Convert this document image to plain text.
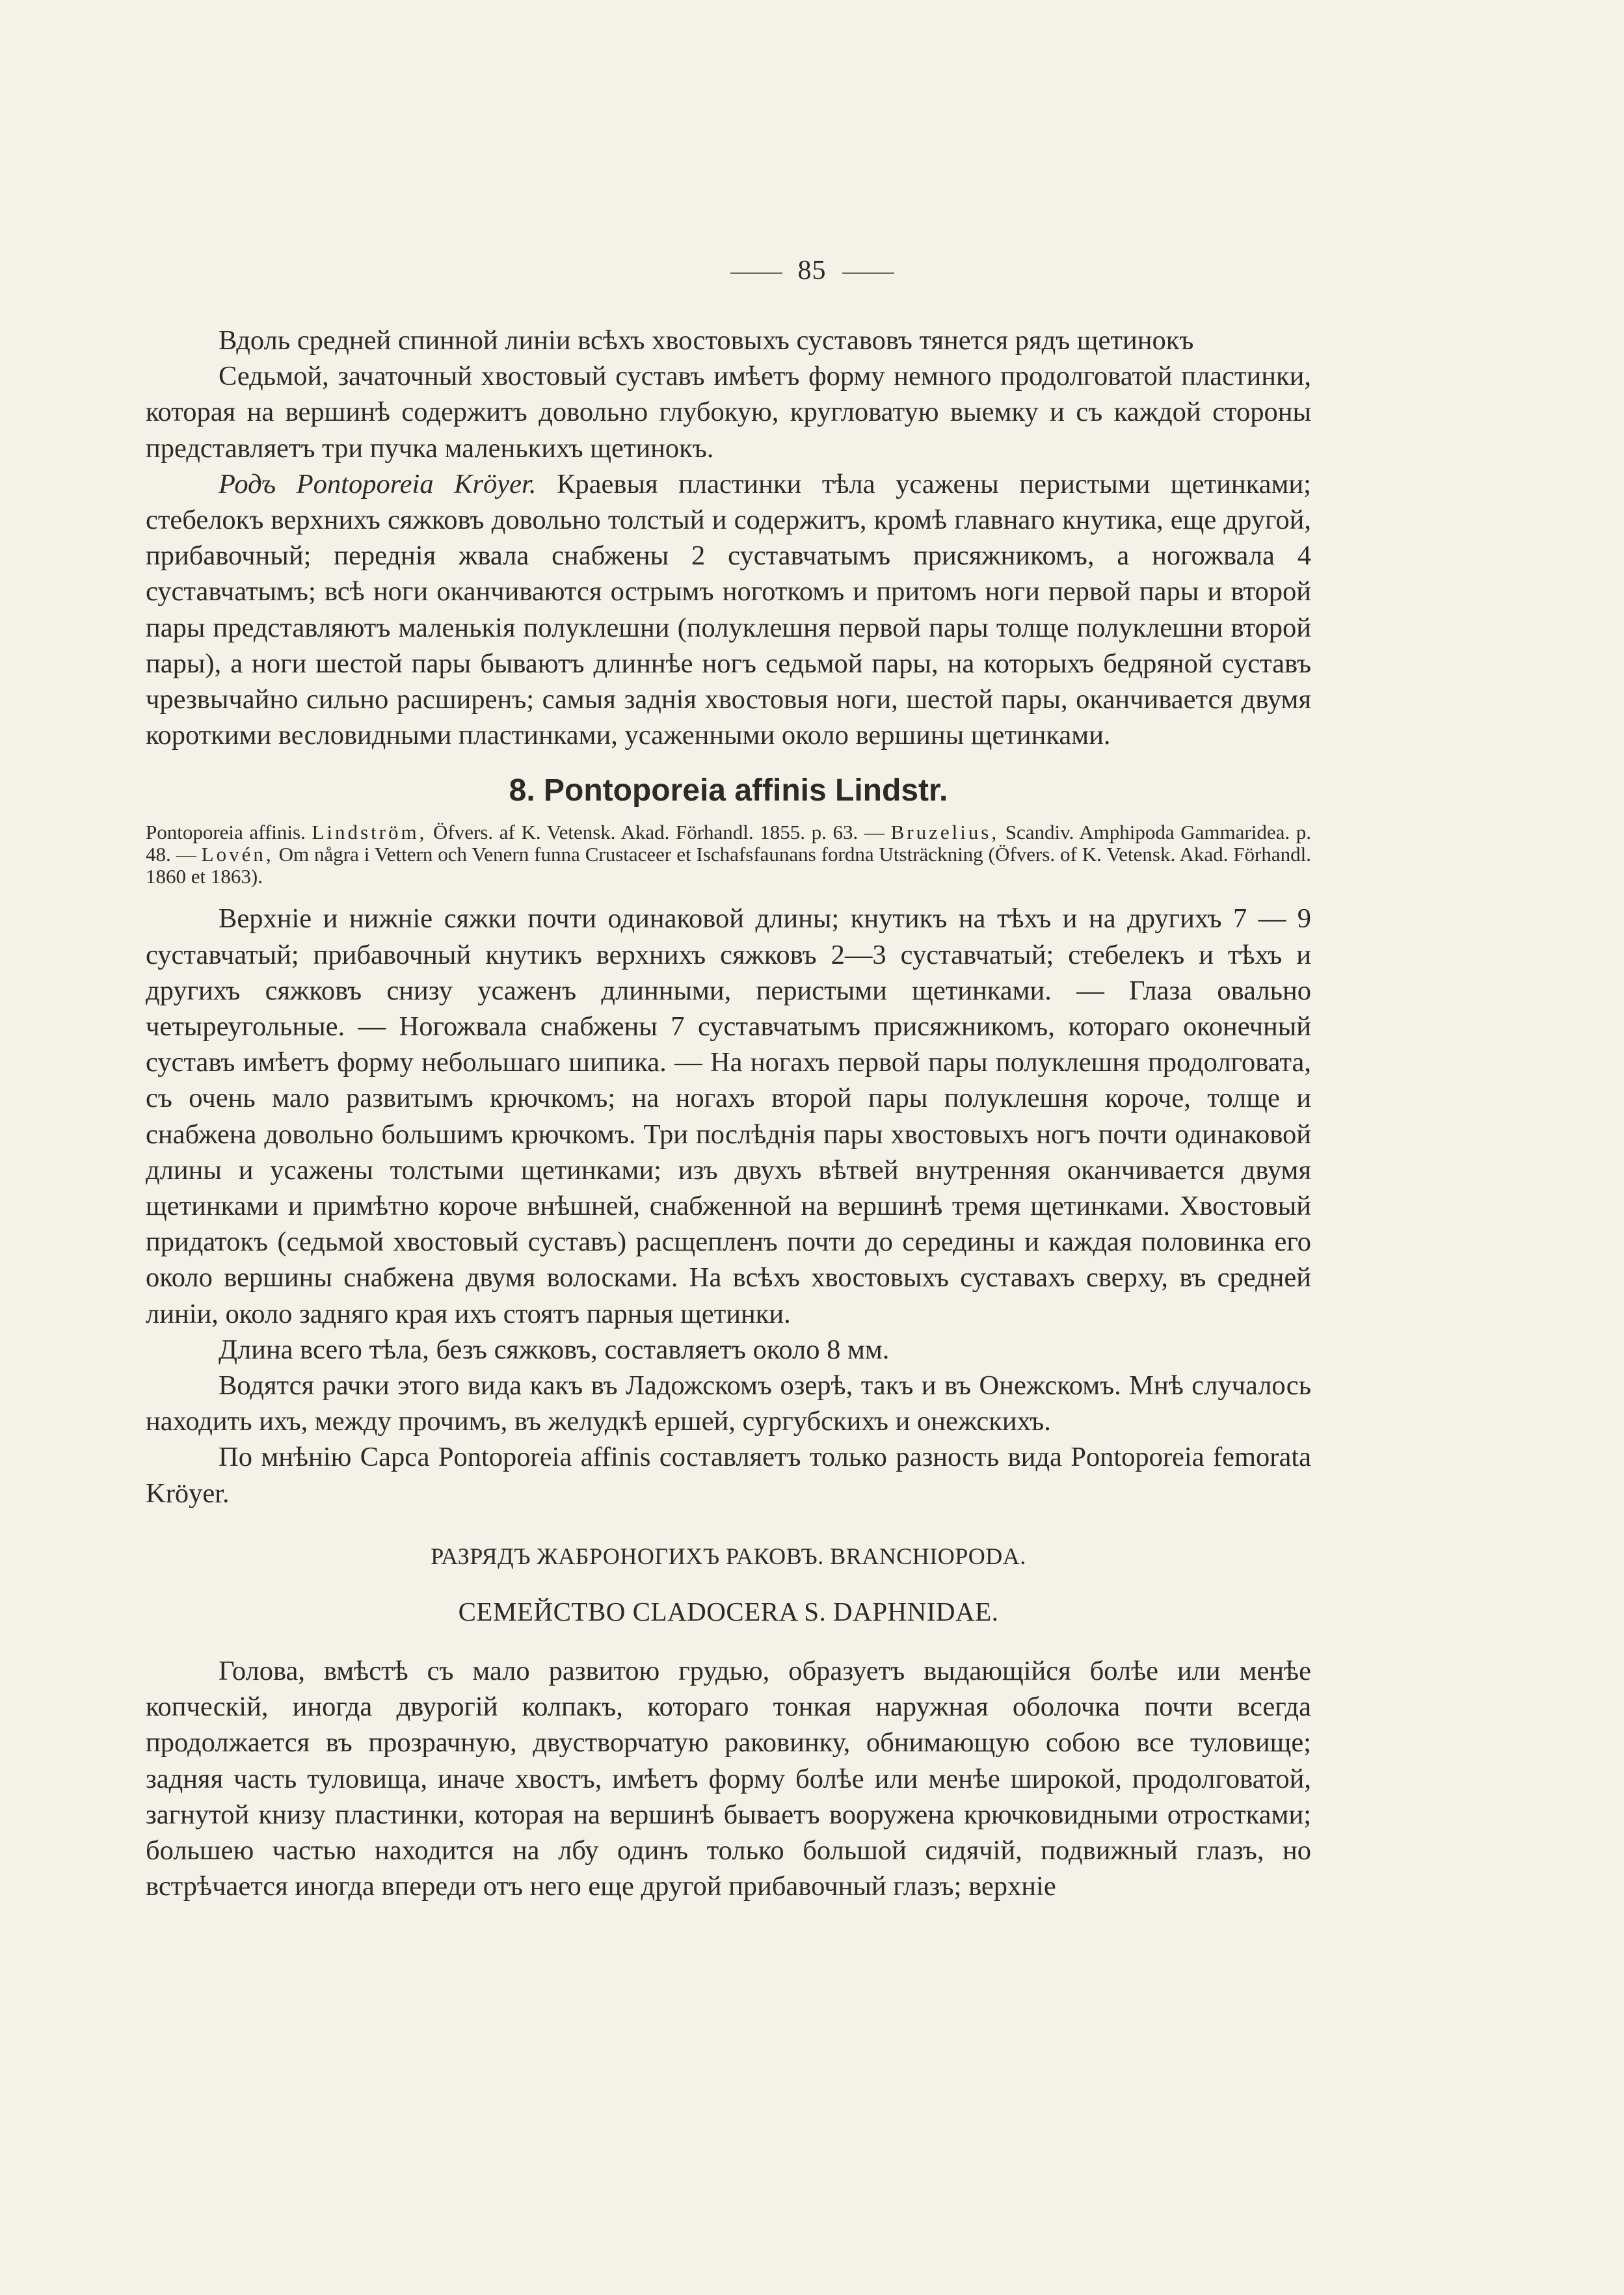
85

Вдоль средней спинной линіи всѣхъ хвостовыхъ суставовъ тянется рядъ щетинокъ

Седьмой, зачаточный хвостовый суставъ имѣетъ форму немного продолговатой пластинки, которая на вершинѣ содержитъ довольно глубокую, кругловатую выемку и съ каждой стороны представляетъ три пучка маленькихъ щетинокъ.

Родъ Pontoporeia Kröyer. Краевыя пластинки тѣла усажены перистыми щетинками; стебелокъ верхнихъ сяжковъ довольно толстый и содержитъ, кромѣ главнаго кнутика, еще другой, прибавочный; переднія жвала снабжены 2 суставчатымъ присяжникомъ, а ногожвала 4 суставчатымъ; всѣ ноги оканчиваются острымъ ноготкомъ и притомъ ноги первой пары и второй пары представляютъ маленькія полуклешни (полуклешня первой пары толще полуклешни второй пары), а ноги шестой пары бываютъ длиннѣе ногъ седьмой пары, на которыхъ бедряной суставъ чрезвычайно сильно расширенъ; самыя заднія хвостовыя ноги, шестой пары, оканчивается двумя короткими весловидными пластинками, усаженными около вершины щетинками.

8. Pontoporeia affinis Lindstr.

Pontoporeia affinis. Lindström, Öfvers. af K. Vetensk. Akad. Förhandl. 1855. p. 63. — Bruzelius, Scandiv. Amphipoda Gammaridea. p. 48. — Lovén, Om några i Vettern och Venern funna Crustaceer et Ischafsfaunans fordna Utsträckning (Öfvers. of K. Vetensk. Akad. Förhandl. 1860 et 1863).

Верхніе и нижніе сяжки почти одинаковой длины; кнутикъ на тѣхъ и на другихъ 7 — 9 суставчатый; прибавочный кнутикъ верхнихъ сяжковъ 2—3 суставчатый; стебелекъ и тѣхъ и другихъ сяжковъ снизу усаженъ длинными, перистыми щетинками. — Глаза овально четыреугольные. — Ногожвала снабжены 7 суставчатымъ присяжникомъ, котораго оконечный суставъ имѣетъ форму небольшаго шипика. — На ногахъ первой пары полуклешня продолговата, съ очень мало развитымъ крючкомъ; на ногахъ второй пары полуклешня короче, толще и снабжена довольно большимъ крючкомъ. Три послѣднія пары хвостовыхъ ногъ почти одинаковой длины и усажены толстыми щетинками; изъ двухъ вѣтвей внутренняя оканчивается двумя щетинками и примѣтно короче внѣшней, снабженной на вершинѣ тремя щетинками. Хвостовый придатокъ (седьмой хвостовый суставъ) расщепленъ почти до середины и каждая половинка его около вершины снабжена двумя волосками. На всѣхъ хвостовыхъ суставахъ сверху, въ средней линіи, около задняго края ихъ стоятъ парныя щетинки.

Длина всего тѣла, безъ сяжковъ, составляетъ около 8 мм.

Водятся рачки этого вида какъ въ Ладожскомъ озерѣ, такъ и въ Онежскомъ. Мнѣ случалось находить ихъ, между прочимъ, въ желудкѣ ершей, сургубскихъ и онежскихъ.

По мнѣнію Сарса Pontoporeia affinis составляетъ только разность вида Pontoporeia femorata Kröyer.

РАЗРЯДЪ ЖАБРОНОГИХЪ РАКОВЪ. BRANCHIOPODA.
СЕМЕЙСТВО CLADOCERA S. DAPHNIDAE.

Голова, вмѣстѣ съ мало развитою грудью, образуетъ выдающійся болѣе или менѣе копческій, иногда двурогій колпакъ, котораго тонкая наружная оболочка почти всегда продолжается въ прозрачную, двустворчатую раковинку, обнимающую собою все туловище; задняя часть туловища, иначе хвостъ, имѣетъ форму болѣе или менѣе широкой, продолговатой, загнутой книзу пластинки, которая на вершинѣ бываетъ вооружена крючковидными отростками; большею частью находится на лбу одинъ только большой сидячій, подвижный глазъ, но встрѣчается иногда впереди отъ него еще другой прибавочный глазъ; верхніе
